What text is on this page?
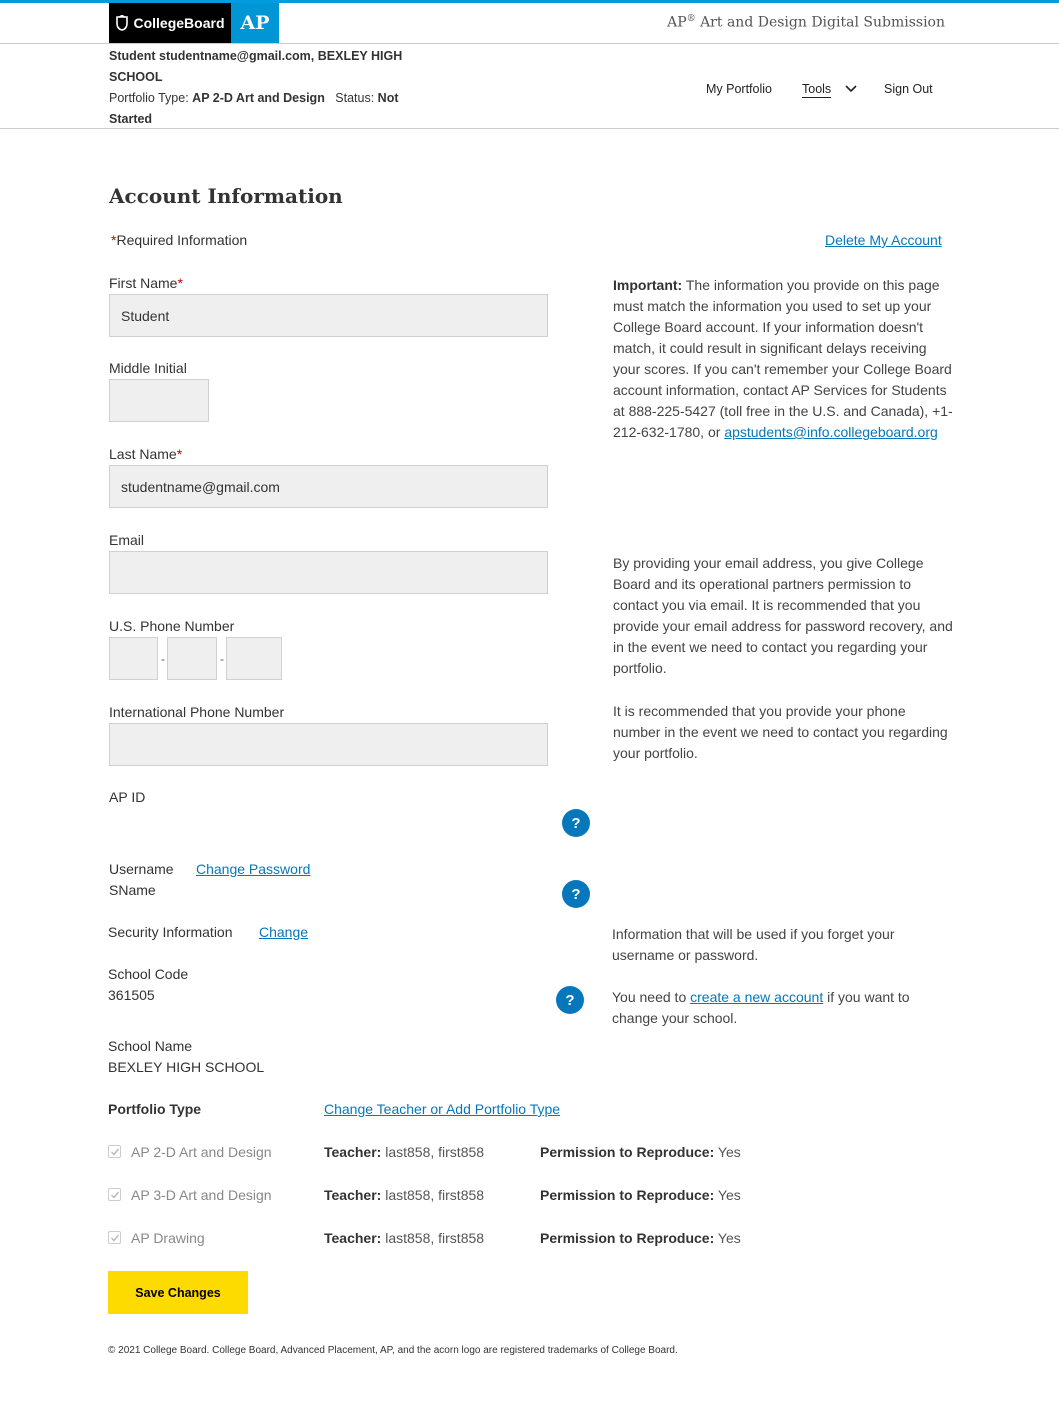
CollegeBoard AP	AP® Art and Design Digital Submission
Student studentname@gmail.com, BEXLEY HIGH SCHOOL
Portfolio Type: AP 2-D Art and Design Status: Not Started
My Portfolio Tools	Sign Out
Account Information
*Required Information	Delete My Account
First Name*
Student
Middle Initial
Last Name*
studentname@gmail.com
Email
U.S. Phone Number
-	-
International Phone Number
AP ID
?
Username Change Password
SName	?
Security Information Change
School Code
361505	?
School Name
BEXLEY HIGH SCHOOL
Important: The information you provide on this page must match the information you used to set up your College Board account. If your information doesn't match, it could result in significant delays receiving your scores. If you can't remember your College Board account information, contact AP Services for Students at 888-225-5427 (toll free in the U.S. and Canada), +1-212-632-1780, or apstudents@info.collegeboard.org
By providing your email address, you give College Board and its operational partners permission to contact you via email. It is recommended that you provide your email address for password recovery, and in the event we need to contact you regarding your portfolio.
It is recommended that you provide your phone number in the event we need to contact you regarding your portfolio.
Information that will be used if you forget your username or password.
You need to create a new account if you want to change your school.
Portfolio Type	Change Teacher or Add Portfolio Type
AP 2-D Art and Design	Teacher: last858, first858	Permission to Reproduce: Yes
AP 3-D Art and Design	Teacher: last858, first858	Permission to Reproduce: Yes
AP Drawing	Teacher: last858, first858	Permission to Reproduce: Yes
Save Changes
© 2021 College Board. College Board, Advanced Placement, AP, and the acorn logo are registered trademarks of College Board.
